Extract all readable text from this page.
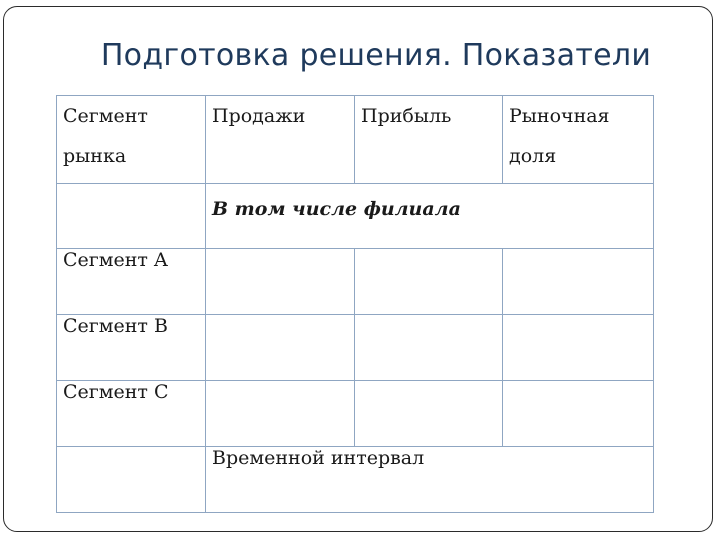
Подготовка решения. Показатели
Сегмент рынка	Продажи	Прибыль	Рыночная доля

	В том числе филиала		

Сегмент A			
Сегмент B			
Сегмент C			
	Временной интервал		
